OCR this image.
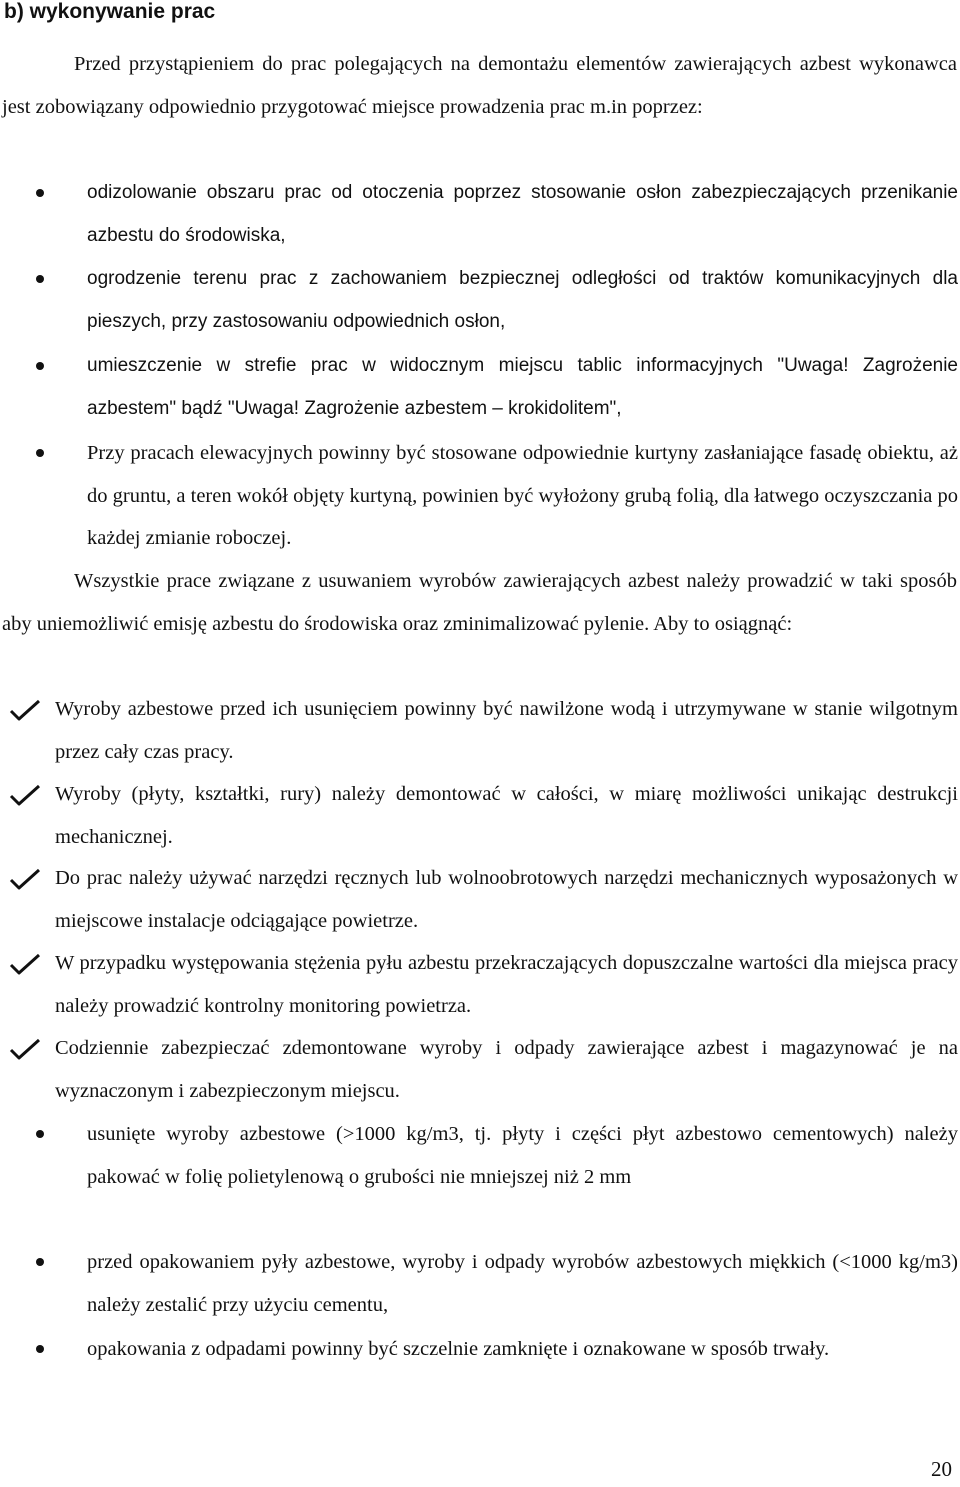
b) wykonywanie prac

Przed przystąpieniem do prac polegających na demontażu elementów zawierających azbest wykonawca jest zobowiązany odpowiednio przygotować miejsce prowadzenia prac m.in poprzez:

odizolowanie obszaru prac od otoczenia poprzez stosowanie osłon zabezpieczających przenikanie azbestu do środowiska,
ogrodzenie terenu prac z zachowaniem bezpiecznej odległości od traktów komunikacyjnych dla pieszych, przy zastosowaniu odpowiednich osłon,
umieszczenie w strefie prac w widocznym miejscu tablic informacyjnych "Uwaga! Zagrożenie azbestem" bądź "Uwaga! Zagrożenie azbestem – krokidolitem",
Przy pracach elewacyjnych powinny być stosowane odpowiednie kurtyny zasłaniające fasadę obiektu, aż do gruntu, a teren wokół objęty kurtyną, powinien być wyłożony grubą folią, dla łatwego oczyszczania po każdej zmianie roboczej.

Wszystkie prace związane z usuwaniem wyrobów zawierających azbest należy prowadzić w taki sposób aby uniemożliwić emisję azbestu do środowiska oraz zminimalizować pylenie. Aby to osiągnąć:

Wyroby azbestowe przed ich usunięciem powinny być nawilżone wodą i utrzymywane w stanie wilgotnym przez cały czas pracy.
Wyroby (płyty, kształtki, rury) należy demontować w całości, w miarę możliwości unikając destrukcji mechanicznej.
Do prac należy używać narzędzi ręcznych lub wolnoobrotowych narzędzi mechanicznych wyposażonych w miejscowe instalacje odciągające powietrze.
W przypadku występowania stężenia pyłu azbestu przekraczających dopuszczalne wartości dla miejsca pracy należy prowadzić kontrolny monitoring powietrza.
Codziennie zabezpieczać zdemontowane wyroby i odpady zawierające azbest i magazynować je na wyznaczonym i zabezpieczonym miejscu.
usunięte wyroby azbestowe (>1000 kg/m3, tj. płyty i części płyt azbestowo cementowych) należy pakować w folię polietylenową o grubości nie mniejszej niż 2 mm
przed opakowaniem pyły azbestowe, wyroby i odpady wyrobów azbestowych miękkich (<1000 kg/m3) należy zestalić przy użyciu cementu,
opakowania z odpadami powinny być szczelnie zamknięte i oznakowane w sposób trwały.
20
